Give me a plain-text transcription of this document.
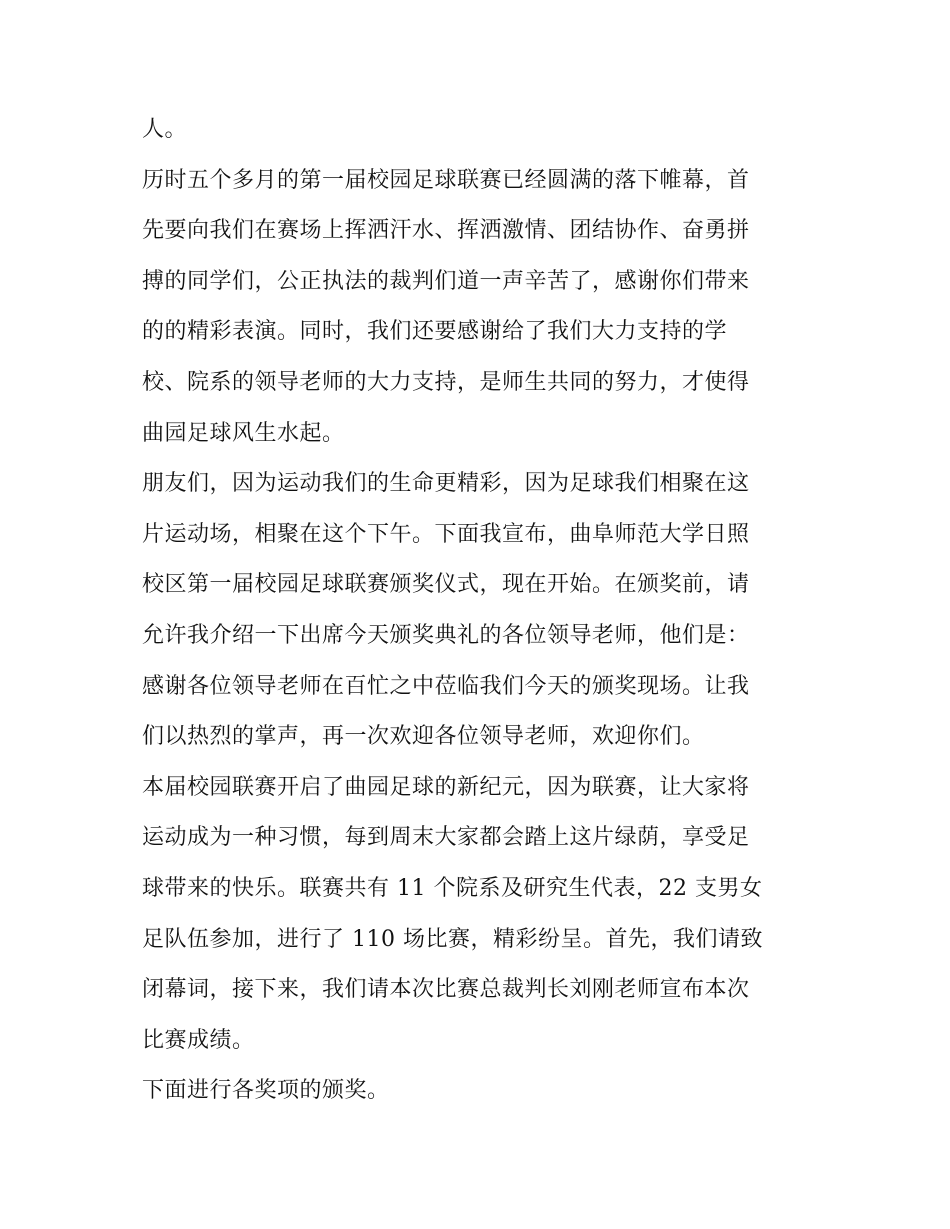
人。
历时五个多月的第一届校园足球联赛已经圆满的落下帷幕，首
先要向我们在赛场上挥洒汗水、挥洒激情、团结协作、奋勇拼
搏的同学们，公正执法的裁判们道一声辛苦了，感谢你们带来
的的精彩表演。同时，我们还要感谢给了我们大力支持的学
校、院系的领导老师的大力支持，是师生共同的努力，才使得
曲园足球风生水起。
朋友们，因为运动我们的生命更精彩，因为足球我们相聚在这
片运动场，相聚在这个下午。下面我宣布，曲阜师范大学日照
校区第一届校园足球联赛颁奖仪式，现在开始。在颁奖前，请
允许我介绍一下出席今天颁奖典礼的各位领导老师，他们是：
感谢各位领导老师在百忙之中莅临我们今天的颁奖现场。让我
们以热烈的掌声，再一次欢迎各位领导老师，欢迎你们。
本届校园联赛开启了曲园足球的新纪元，因为联赛，让大家将
运动成为一种习惯，每到周末大家都会踏上这片绿荫，享受足
球带来的快乐。联赛共有 11 个院系及研究生代表，22 支男女
足队伍参加，进行了 110 场比赛，精彩纷呈。首先，我们请致
闭幕词，接下来，我们请本次比赛总裁判长刘刚老师宣布本次
比赛成绩。
下面进行各奖项的颁奖。
